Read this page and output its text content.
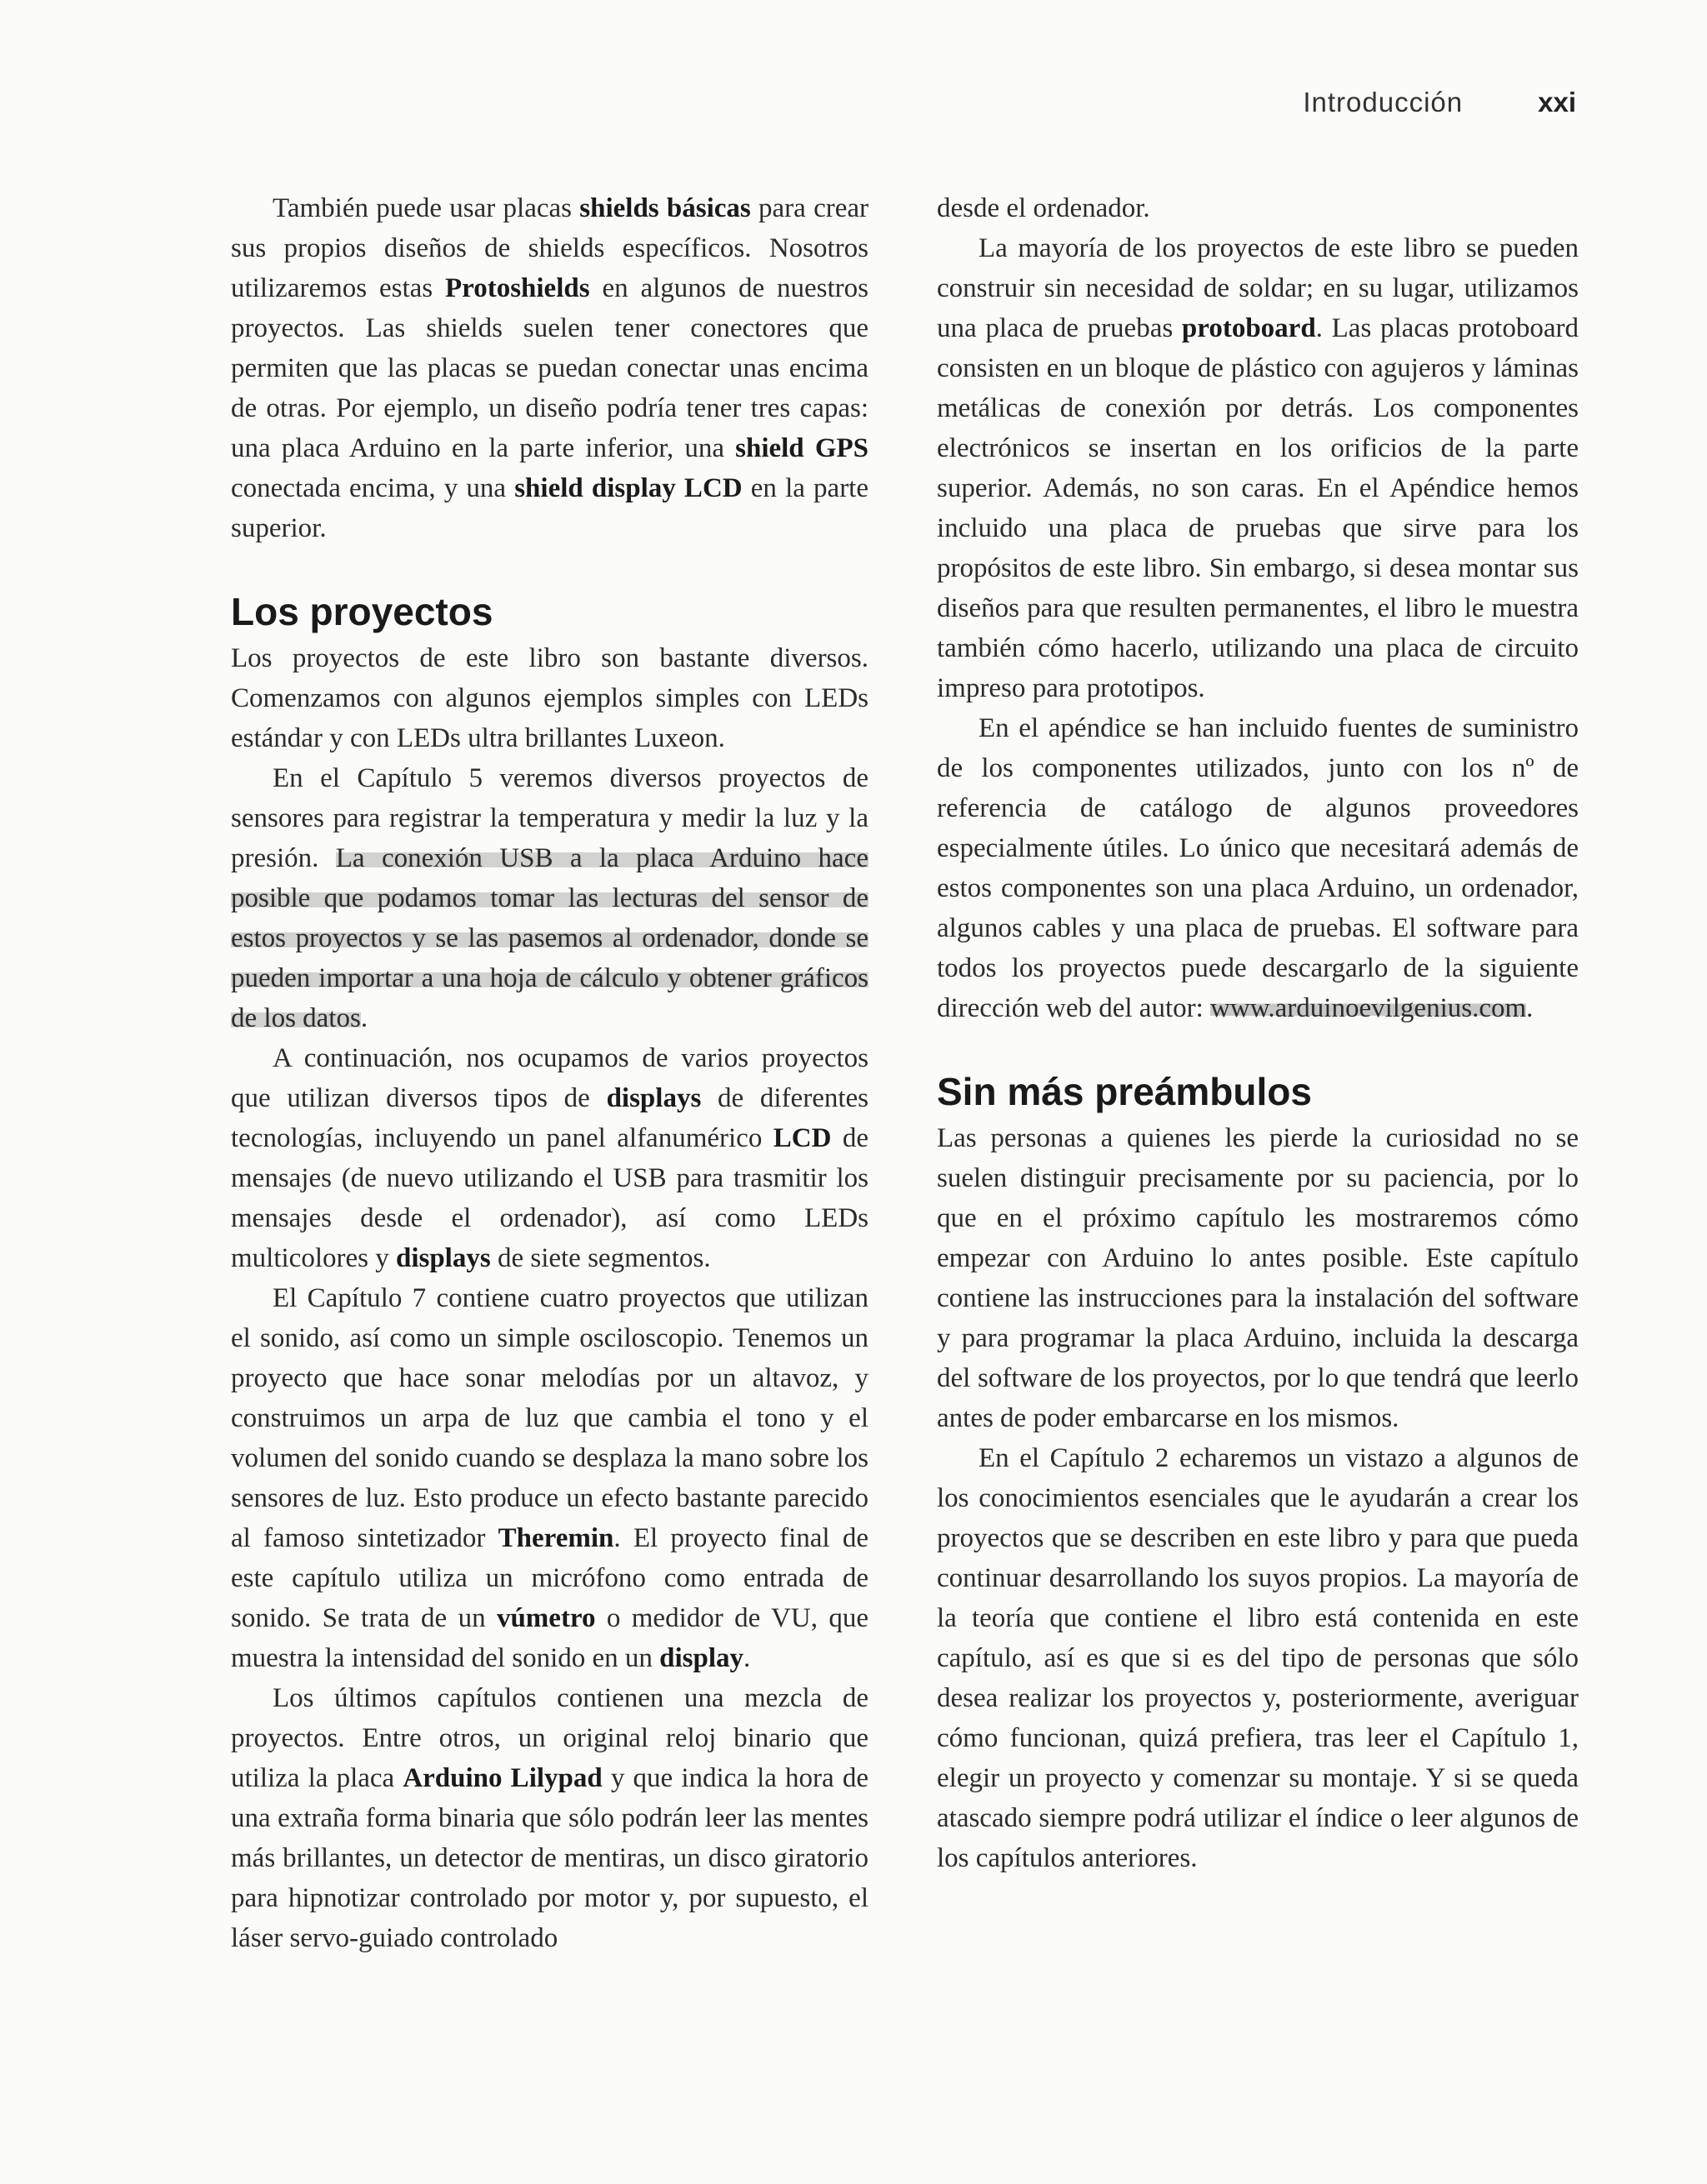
Introducción	xxi

También puede usar placas shields básicas para crear sus propios diseños de shields específicos. Nosotros utilizaremos estas Protoshields en algunos de nuestros proyectos. Las shields suelen tener conectores que permiten que las placas se puedan conectar unas encima de otras. Por ejemplo, un diseño podría tener tres capas: una placa Arduino en la parte inferior, una shield GPS conectada encima, y una shield display LCD en la parte superior.

Los proyectos

Los proyectos de este libro son bastante diversos. Comenzamos con algunos ejemplos simples con LEDs estándar y con LEDs ultra brillantes Luxeon.

En el Capítulo 5 veremos diversos proyectos de sensores para registrar la temperatura y medir la luz y la presión. La conexión USB a la placa Arduino hace posible que podamos tomar las lecturas del sensor de estos proyectos y se las pasemos al ordenador, donde se pueden importar a una hoja de cálculo y obtener gráficos de los datos.

A continuación, nos ocupamos de varios proyectos que utilizan diversos tipos de displays de diferentes tecnologías, incluyendo un panel alfanumérico LCD de mensajes (de nuevo utilizando el USB para trasmitir los mensajes desde el ordenador), así como LEDs multicolores y displays de siete segmentos.

El Capítulo 7 contiene cuatro proyectos que utilizan el sonido, así como un simple osciloscopio. Tenemos un proyecto que hace sonar melodías por un altavoz, y construimos un arpa de luz que cambia el tono y el volumen del sonido cuando se desplaza la mano sobre los sensores de luz. Esto produce un efecto bastante parecido al famoso sintetizador Theremin. El proyecto final de este capítulo utiliza un micrófono como entrada de sonido. Se trata de un vúmetro o medidor de VU, que muestra la intensidad del sonido en un display.

Los últimos capítulos contienen una mezcla de proyectos. Entre otros, un original reloj binario que utiliza la placa Arduino Lilypad y que indica la hora de una extraña forma binaria que sólo podrán leer las mentes más brillantes, un detector de mentiras, un disco giratorio para hipnotizar controlado por motor y, por supuesto, el láser servo-guiado controlado

desde el ordenador.

La mayoría de los proyectos de este libro se pueden construir sin necesidad de soldar; en su lugar, utilizamos una placa de pruebas protoboard. Las placas protoboard consisten en un bloque de plástico con agujeros y láminas metálicas de conexión por detrás. Los componentes electrónicos se insertan en los orificios de la parte superior. Además, no son caras. En el Apéndice hemos incluido una placa de pruebas que sirve para los propósitos de este libro. Sin embargo, si desea montar sus diseños para que resulten permanentes, el libro le muestra también cómo hacerlo, utilizando una placa de circuito impreso para prototipos.

En el apéndice se han incluido fuentes de suministro de los componentes utilizados, junto con los nº de referencia de catálogo de algunos proveedores especialmente útiles. Lo único que necesitará además de estos componentes son una placa Arduino, un ordenador, algunos cables y una placa de pruebas. El software para todos los proyectos puede descargarlo de la siguiente dirección web del autor: www.arduinoevilgenius.com.

Sin más preámbulos

Las personas a quienes les pierde la curiosidad no se suelen distinguir precisamente por su paciencia, por lo que en el próximo capítulo les mostraremos cómo empezar con Arduino lo antes posible. Este capítulo contiene las instrucciones para la instalación del software y para programar la placa Arduino, incluida la descarga del software de los proyectos, por lo que tendrá que leerlo antes de poder embarcarse en los mismos.

En el Capítulo 2 echaremos un vistazo a algunos de los conocimientos esenciales que le ayudarán a crear los proyectos que se describen en este libro y para que pueda continuar desarrollando los suyos propios. La mayoría de la teoría que contiene el libro está contenida en este capítulo, así es que si es del tipo de personas que sólo desea realizar los proyectos y, posteriormente, averiguar cómo funcionan, quizá prefiera, tras leer el Capítulo 1, elegir un proyecto y comenzar su montaje. Y si se queda atascado siempre podrá utilizar el índice o leer algunos de los capítulos anteriores.
